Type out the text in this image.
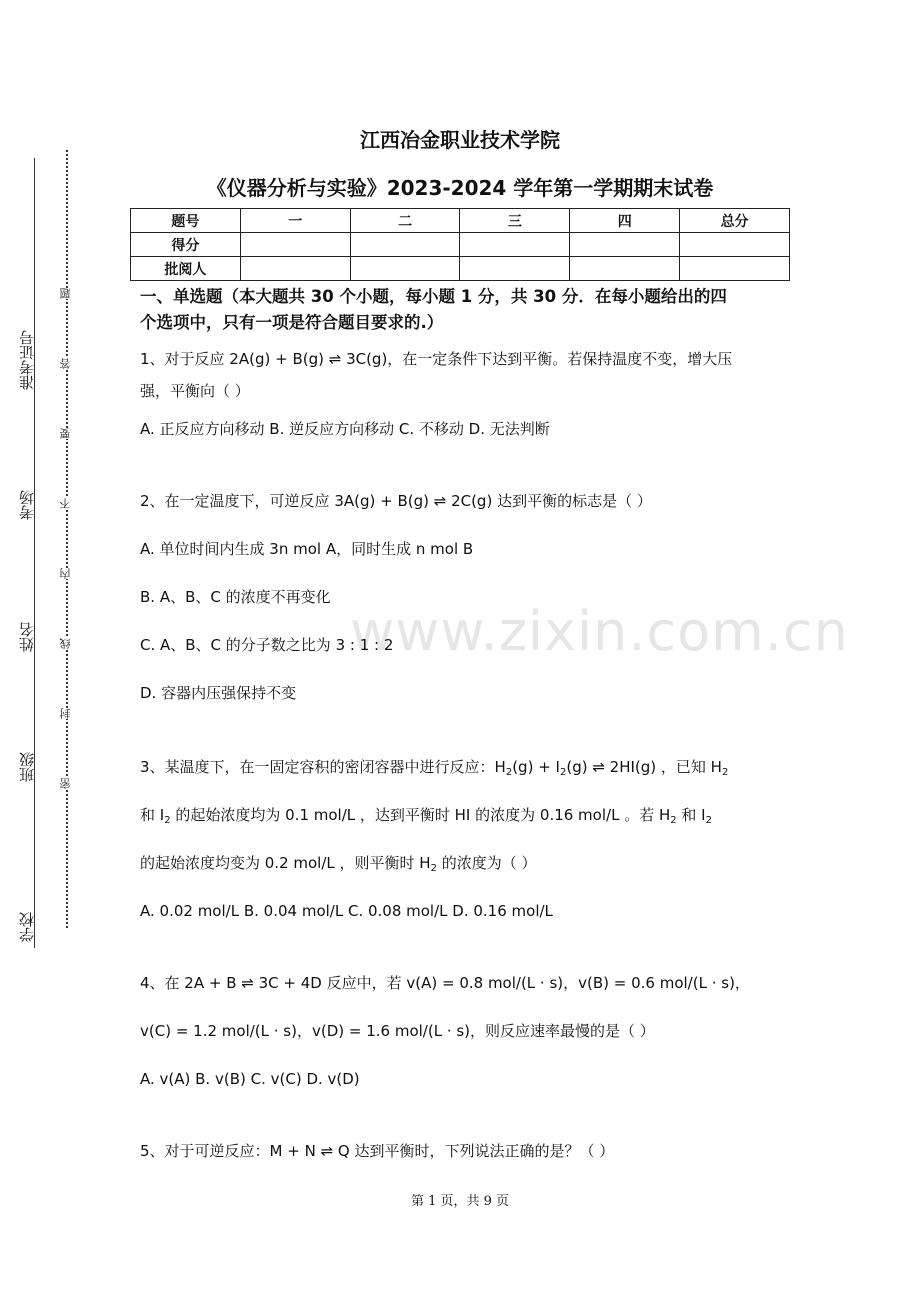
准考证号
考场
姓名
班级
学校
题
答
要
不
内
线
封
密
www.zixin.com.cn
江西冶金职业技术学院
《仪器分析与实验》2023-2024 学年第一学期期末试卷
题号	一	二	三	四	总分
得分					
批阅人					
一、单选题（本大题共 30 个小题，每小题 1 分，共 30 分．在每小题给出的四
个选项中，只有一项是符合题目要求的.）
1、对于反应 2A(g) + B(g) ⇌ 3C(g)，在一定条件下达到平衡。若保持温度不变，增大压
强，平衡向（ ）
A. 正反应方向移动 B. 逆反应方向移动 C. 不移动 D. 无法判断
2、在一定温度下，可逆反应 3A(g) + B(g) ⇌ 2C(g) 达到平衡的标志是（ ）
A. 单位时间内生成 3n mol A，同时生成 n mol B
B. A、B、C 的浓度不再变化
C. A、B、C 的分子数之比为 3 : 1 : 2
D. 容器内压强保持不变
3、某温度下，在一固定容积的密闭容器中进行反应：$H_2(g) + I_2(g)$ ⇌ 2HI(g) ，已知 $H_2$
和 $I_2$ 的起始浓度均为 0.1 mol/L ，达到平衡时 HI 的浓度为 0.16 mol/L 。若 $H_2$ 和 $I_2$
的起始浓度均变为 0.2 mol/L ，则平衡时 $H_2$ 的浓度为（ ）
A. 0.02 mol/L B. 0.04 mol/L C. 0.08 mol/L D. 0.16 mol/L
4、在 2A + B ⇌ 3C + 4D 反应中，若 v(A) = 0.8 mol/(L · s)，v(B) = 0.6 mol/(L · s)，
v(C) = 1.2 mol/(L · s)，v(D) = 1.6 mol/(L · s)，则反应速率最慢的是（ ）
A. v(A) B. v(B) C. v(C) D. v(D)
5、对于可逆反应：M + N ⇌ Q 达到平衡时，下列说法正确的是？（ ）
第 1 页，共 9 页
